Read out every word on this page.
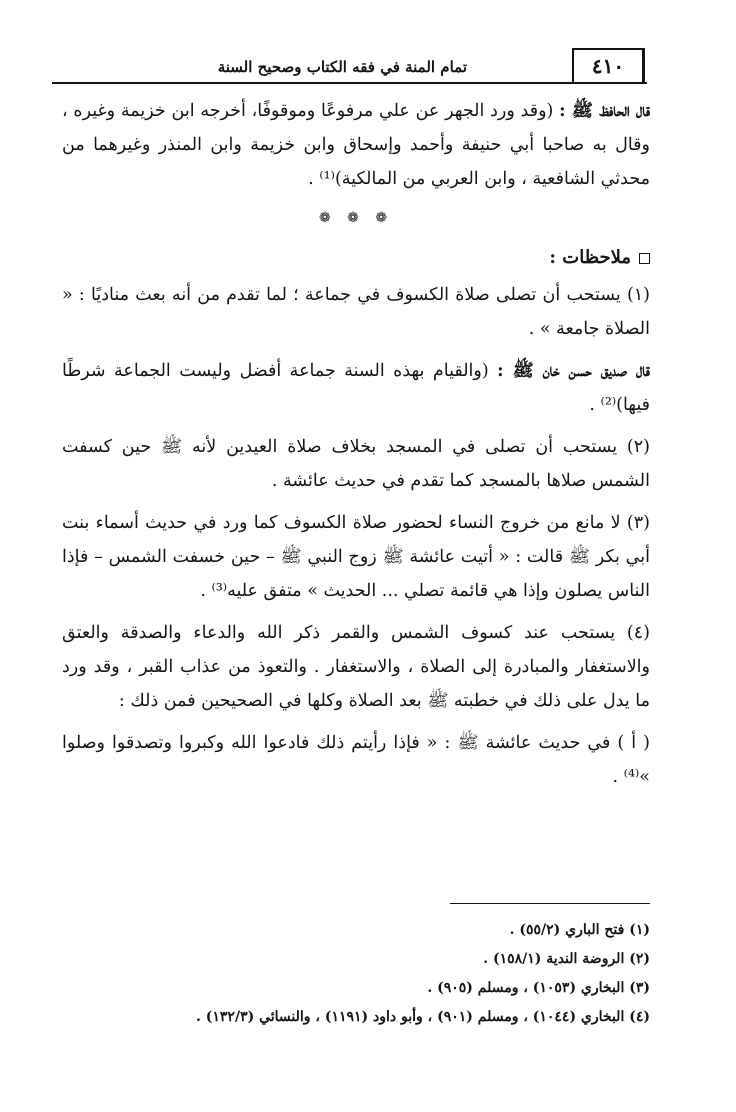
٤١٠
تمام المنة في فقه الكتاب وصحيح السنة

قال الحافظ ﷺ : (وقد ورد الجهر عن علي مرفوعًا وموقوفًا، أخرجه ابن خزيمة وغيره ، وقال به صاحبا أبي حنيفة وأحمد وإسحاق وابن خزيمة وابن المنذر وغيرهما من محدثي الشافعية ، وابن العربي من المالكية)⁽¹⁾ .

❁ ❁ ❁
ملاحظات :

(١) يستحب أن تصلى صلاة الكسوف في جماعة ؛ لما تقدم من أنه بعث مناديًا : « الصلاة جامعة » .

قال صديق حسن خان ﷺ : (والقيام بهذه السنة جماعة أفضل وليست الجماعة شرطًا فيها)⁽²⁾ .

(٢) يستحب أن تصلى في المسجد بخلاف صلاة العيدين لأنه ﷺ حين كسفت الشمس صلاها بالمسجد كما تقدم في حديث عائشة .

(٣) لا مانع من خروج النساء لحضور صلاة الكسوف كما ورد في حديث أسماء بنت أبي بكر ﷺ قالت : « أتيت عائشة ﷺ زوج النبي ﷺ – حين خسفت الشمس – فإذا الناس يصلون وإذا هي قائمة تصلي ... الحديث » متفق عليه⁽³⁾ .

(٤) يستحب عند كسوف الشمس والقمر ذكر الله والدعاء والصدقة والعتق والاستغفار والمبادرة إلى الصلاة ، والاستغفار . والتعوذ من عذاب القبر ، وقد ورد ما يدل على ذلك في خطبته ﷺ بعد الصلاة وكلها في الصحيحين فمن ذلك :

( أ ) في حديث عائشة ﷺ : « فإذا رأيتم ذلك فادعوا الله وكبروا وتصدقوا وصلوا »⁽⁴⁾ .

(١) فتح الباري (٥٥/٢) .
(٢) الروضة الندية (١٥٨/١) .
(٣) البخاري (١٠٥٣) ، ومسلم (٩٠٥) .
(٤) البخاري (١٠٤٤) ، ومسلم (٩٠١) ، وأبو داود (١١٩١) ، والنسائي (١٣٢/٣) .
